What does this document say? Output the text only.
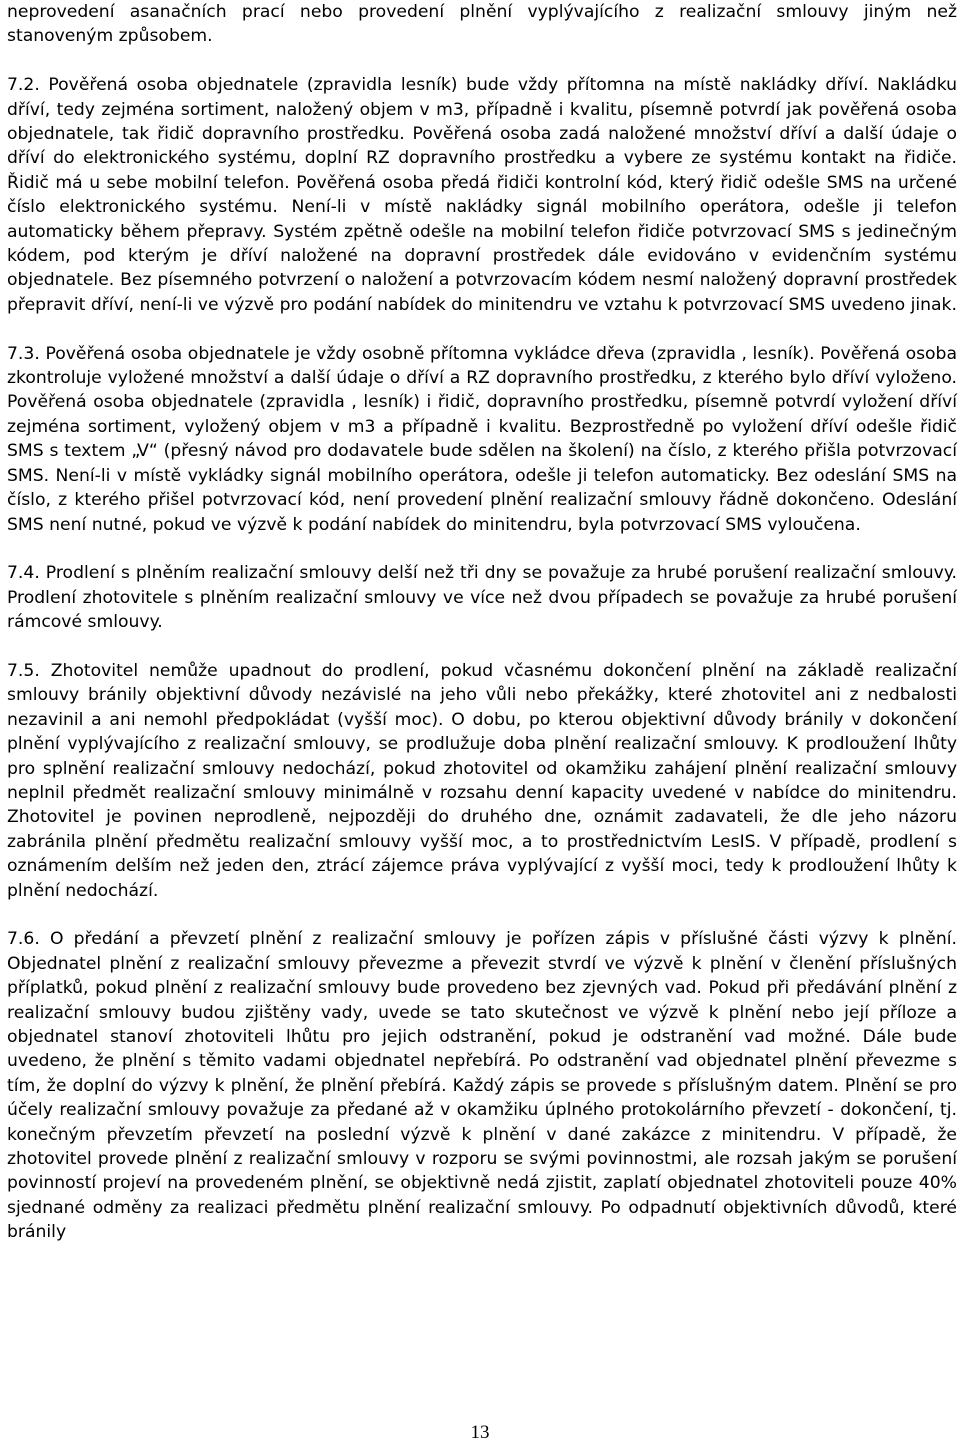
neprovedení asanačních prací nebo provedení plnění vyplývajícího z realizační smlouvy jiným než stanoveným způsobem.

7.2. Pověřená osoba objednatele (zpravidla lesník) bude vždy přítomna na místě nakládky dříví. Nakládku dříví, tedy zejména sortiment, naložený objem v m3, případně i kvalitu, písemně potvrdí jak pověřená osoba objednatele, tak řidič dopravního prostředku. Pověřená osoba zadá naložené množství dříví a další údaje o dříví do elektronického systému, doplní RZ dopravního prostředku a vybere ze systému kontakt na řidiče. Řidič má u sebe mobilní telefon. Pověřená osoba předá řidiči kontrolní kód, který řidič odešle SMS na určené číslo elektronického systému. Není-li v místě nakládky signál mobilního operátora, odešle ji telefon automaticky během přepravy. Systém zpětně odešle na mobilní telefon řidiče potvrzovací SMS s jedinečným kódem, pod kterým je dříví naložené na dopravní prostředek dále evidováno v evidenčním systému objednatele. Bez písemného potvrzení o naložení a potvrzovacím kódem nesmí naložený dopravní prostředek přepravit dříví, není-li ve výzvě pro podání nabídek do minitendru ve vztahu k potvrzovací SMS uvedeno jinak.

7.3. Pověřená osoba objednatele je vždy osobně přítomna vykládce dřeva (zpravidla , lesník). Pověřená osoba zkontroluje vyložené množství a další údaje o dříví a RZ dopravního prostředku, z kterého bylo dříví vyloženo. Pověřená osoba objednatele (zpravidla , lesník) i řidič, dopravního prostředku, písemně potvrdí vyložení dříví zejména sortiment, vyložený objem v m3 a případně i kvalitu. Bezprostředně po vyložení dříví odešle řidič SMS s textem „V“ (přesný návod pro dodavatele bude sdělen na školení) na číslo, z kterého přišla potvrzovací SMS. Není-li v místě vykládky signál mobilního operátora, odešle ji telefon automaticky. Bez odeslání SMS na číslo, z kterého přišel potvrzovací kód, není provedení plnění realizační smlouvy řádně dokončeno. Odeslání SMS není nutné, pokud ve výzvě k podání nabídek do minitendru, byla potvrzovací SMS vyloučena.

7.4. Prodlení s plněním realizační smlouvy delší než tři dny se považuje za hrubé porušení realizační smlouvy. Prodlení zhotovitele s plněním realizační smlouvy ve více než dvou případech se považuje za hrubé porušení rámcové smlouvy.

7.5. Zhotovitel nemůže upadnout do prodlení, pokud včasnému dokončení plnění na základě realizační smlouvy bránily objektivní důvody nezávislé na jeho vůli nebo překážky, které zhotovitel ani z nedbalosti nezavinil a ani nemohl předpokládat (vyšší moc). O dobu, po kterou objektivní důvody bránily v dokončení plnění vyplývajícího z realizační smlouvy, se prodlužuje doba plnění realizační smlouvy. K prodloužení lhůty pro splnění realizační smlouvy nedochází, pokud zhotovitel od okamžiku zahájení plnění realizační smlouvy neplnil předmět realizační smlouvy minimálně v rozsahu denní kapacity uvedené v nabídce do minitendru. Zhotovitel je povinen neprodleně, nejpozději do druhého dne, oznámit zadavateli, že dle jeho názoru zabránila plnění předmětu realizační smlouvy vyšší moc, a to prostřednictvím LesIS. V případě, prodlení s oznámením delším než jeden den, ztrácí zájemce práva vyplývající z vyšší moci, tedy k prodloužení lhůty k plnění nedochází.

7.6. O předání a převzetí plnění z realizační smlouvy je pořízen zápis v příslušné části výzvy k plnění. Objednatel plnění z realizační smlouvy převezme a převezit stvrdí ve výzvě k plnění v členění příslušných příplatků, pokud plnění z realizační smlouvy bude provedeno bez zjevných vad. Pokud při předávání plnění z realizační smlouvy budou zjištěny vady, uvede se tato skutečnost ve výzvě k plnění nebo její příloze a objednatel stanoví zhotoviteli lhůtu pro jejich odstranění, pokud je odstranění vad možné. Dále bude uvedeno, že plnění s těmito vadami objednatel nepřebírá. Po odstranění vad objednatel plnění převezme s tím, že doplní do výzvy k plnění, že plnění přebírá. Každý zápis se provede s příslušným datem. Plnění se pro účely realizační smlouvy považuje za předané až v okamžiku úplného protokolárního převzetí - dokončení, tj. konečným převzetím převzetí na poslední výzvě k plnění v dané zakázce z minitendru. V případě, že zhotovitel provede plnění z realizační smlouvy v rozporu se svými povinnostmi, ale rozsah jakým se porušení povinností projeví na provedeném plnění, se objektivně nedá zjistit, zaplatí objednatel zhotoviteli pouze 40% sjednané odměny za realizaci předmětu plnění realizační smlouvy. Po odpadnutí objektivních důvodů, které bránily

13
